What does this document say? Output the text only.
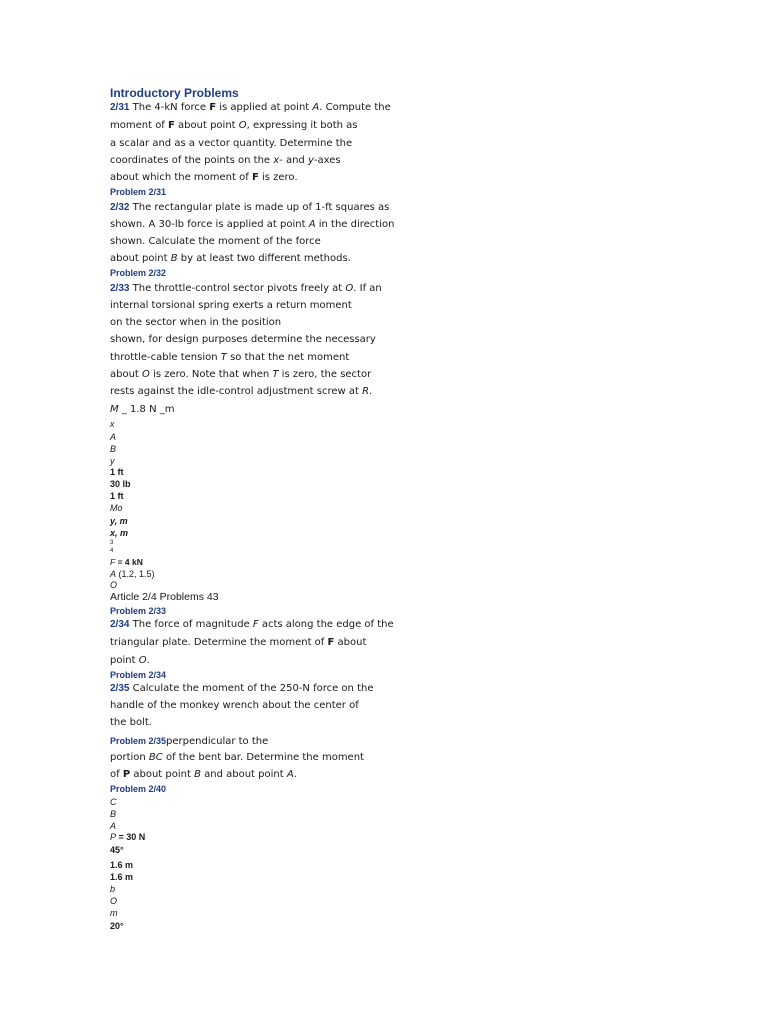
Introductory Problems
2/31 The 4-kN force F is applied at point A. Compute the
moment of F about point O, expressing it both as
a scalar and as a vector quantity. Determine the
coordinates of the points on the x- and y-axes
about which the moment of F is zero.
Problem 2/31
2/32 The rectangular plate is made up of 1-ft squares as
shown. A 30-lb force is applied at point A in the direction
shown. Calculate the moment of the force
about point B by at least two different methods.
Problem 2/32
2/33 The throttle-control sector pivots freely at O. If an
internal torsional spring exerts a return moment
on the sector when in the position
shown, for design purposes determine the necessary
throttle-cable tension T so that the net moment
about O is zero. Note that when T is zero, the sector
rests against the idle-control adjustment screw at R.
M _ 1.8 N _m
x
A
B
y
1 ft
30 lb
1 ft
Mo
y, m
x, m
3
4
F = 4 kN
A (1.2, 1.5)
O
Article 2/4 Problems 43
Problem 2/33
2/34 The force of magnitude F acts along the edge of the
triangular plate. Determine the moment of F about
point O.
Problem 2/34
2/35 Calculate the moment of the 250-N force on the
handle of the monkey wrench about the center of
the bolt.
Problem 2/35perpendicular to the
portion BC of the bent bar. Determine the moment
of P about point B and about point A.
Problem 2/40
C
B
A
P = 30 N
45°
1.6 m
1.6 m
b
O
m
20°
